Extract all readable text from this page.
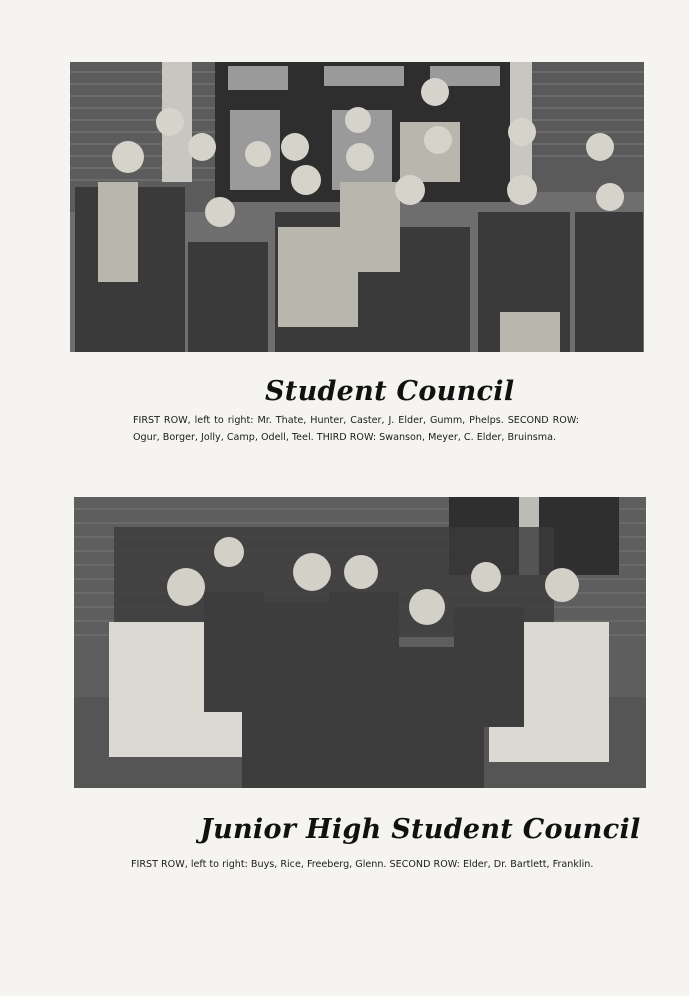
Student Council

FIRST ROW, left to right: Mr. Thate, Hunter, Caster, J. Elder, Gumm, Phelps. SECOND ROW: Ogur, Borger, Jolly, Camp, Odell, Teel. THIRD ROW: Swanson, Meyer, C. Elder, Bruinsma.

Junior High Student Council

FIRST ROW, left to right: Buys, Rice, Freeberg, Glenn. SECOND ROW: Elder, Dr. Bartlett, Franklin.
